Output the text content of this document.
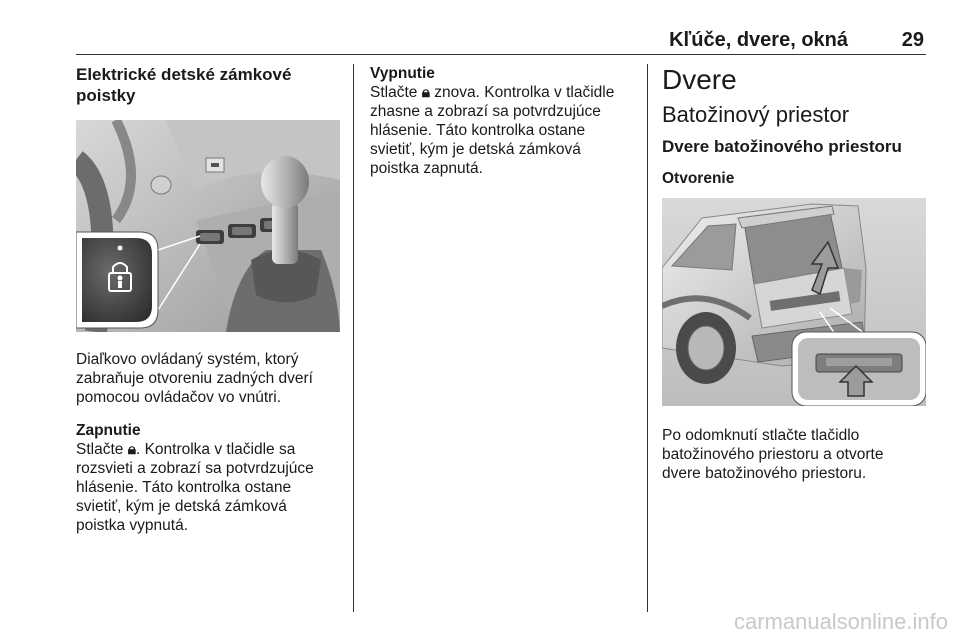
Kľúče, dvere, okná	29

Elektrické detské zámkové poistky

Diaľkovo ovládaný systém, ktorý zabraňuje otvoreniu zadných dverí pomocou ovládačov vo vnútri.

Zapnutie

Stlačte 🔒︎. Kontrolka v tlačidle sa rozsvieti a zobrazí sa potvrdzujúce hlásenie. Táto kontrolka ostane svietiť, kým je detská zámková poistka vypnutá.

Vypnutie

Stlačte 🔒︎ znova. Kontrolka v tlačidle zhasne a zobrazí sa potvrdzujúce hlásenie. Táto kontrolka ostane svietiť, kým je detská zámková poistka zapnutá.

Dvere
Batožinový priestor
Dvere batožinového priestoru

Otvorenie

Po odomknutí stlačte tlačidlo batožinového priestoru a otvorte dvere batožinového priestoru.

carmanualsonline.info
